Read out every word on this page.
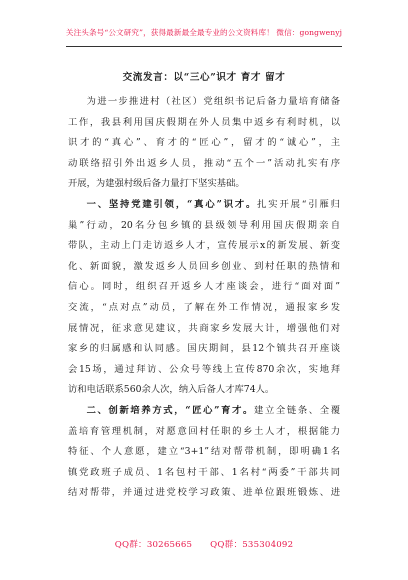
关注头条号“公文研究”，获得最新最全最专业的公文资料库！ 微信：gongwenyj
交流发言：以“三心”识才 育才 留才
为进一步推进村（社区）党组织书记后备力量培育储备
工作，我县利用国庆假期在外人员集中返乡有利时机，以
识才的“真心”、育才的“匠心”，留才的“诚心”，主
动联络招引外出返乡人员，推动“五个一”活动扎实有序
开展，为建强村级后备力量打下坚实基础。
一、坚持党建引领，“真心”识才。扎实开展“引雁归
巢”行动，20名分包乡镇的县级领导利用国庆假期亲自
带队，主动上门走访返乡人才，宣传展示x的新发展、新变
化、新面貌，激发返乡人员回乡创业、到村任职的热情和
信心。同时，组织召开返乡人才座谈会，进行“面对面”
交流，“点对点”动员，了解在外工作情况，通报家乡发
展情况，征求意见建议，共商家乡发展大计，增强他们对
家乡的归属感和认同感。国庆期间，县12个镇共召开座谈
会15场，通过拜访、公众号等线上宣传870余次，实地拜
访和电话联系560余人次，纳入后备人才库74人。
二、创新培养方式，“匠心”育才。建立全链条、全覆
盖培育管理机制，对愿意回村任职的乡土人才，根据能力
特征、个人意愿，建立“3+1”结对帮带机制，即明确1名
镇党政班子成员、1名包村干部、1名村“两委”干部共同
结对帮带，并通过进党校学习政策、进单位跟班锻炼、进
QQ群：30265665 QQ群：535304092
